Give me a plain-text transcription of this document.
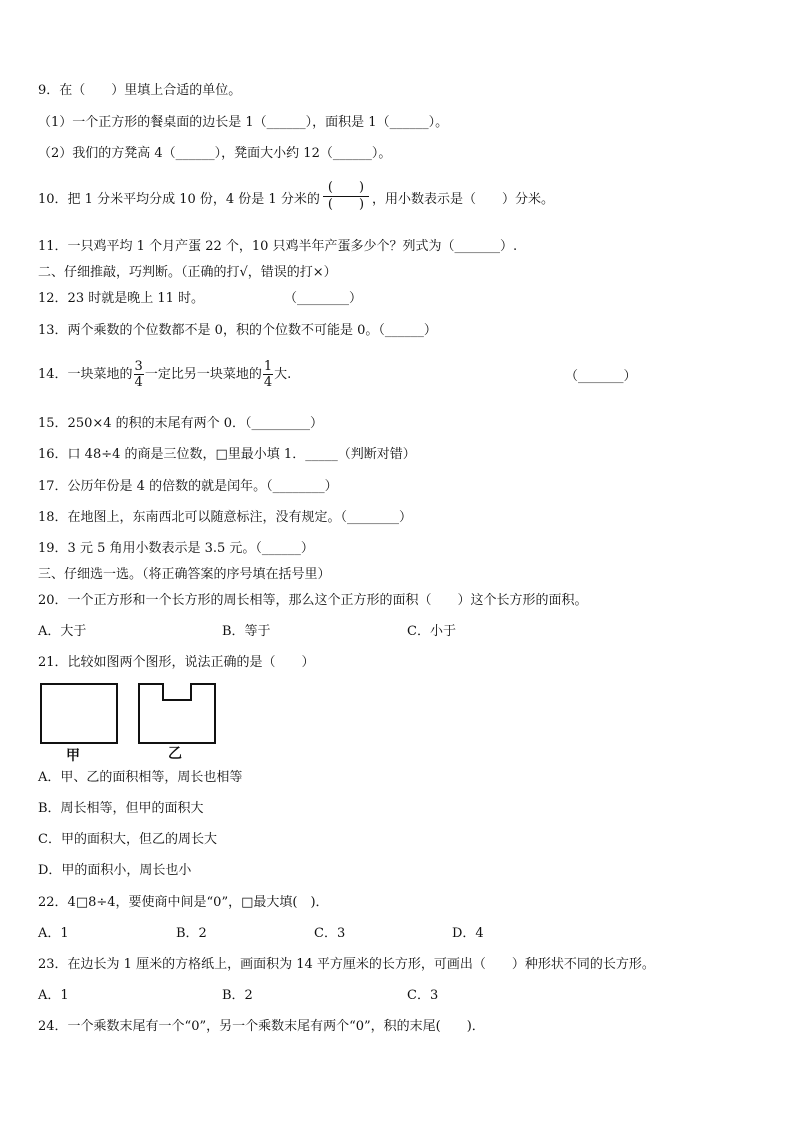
9．在（　　）里填上合适的单位。
（1）一个正方形的餐桌面的边长是 1（______），面积是 1（______）。
（2）我们的方凳高 4（______），凳面大小约 12（______）。
10．把 1 分米平均分成 10 份，4 份是 1 分米的
(　　)
(　　) ，用小数表示是（　　）分米。
11．一只鸡平均 1 个月产蛋 22 个，10 只鸡半年产蛋多少个？列式为（_______）.
二、仔细推敲，巧判断。（正确的打√，错误的打×）
12．23 时就是晚上 11 时。	（________）
13．两个乘数的个位数都不是 0，积的个位数不可能是 0。（______）
14．一块菜地的 $\frac{3}{4}$ 一定比另一块菜地的 $\frac{1}{4}$ 大.	（_______）
15．250×4 的积的末尾有两个 0．（_________）
16．口 48÷4 的商是三位数，□里最小填 1．_____（判断对错）
17．公历年份是 4 的倍数的就是闰年。（________）
18．在地图上，东南西北可以随意标注，没有规定。（________）
19．3 元 5 角用小数表示是 3.5 元。（______）
三、仔细选一选。（将正确答案的序号填在括号里）
20．一个正方形和一个长方形的周长相等，那么这个正方形的面积（　　）这个长方形的面积。
A．大于	B．等于	C．小于
21．比较如图两个图形，说法正确的是（　　）
甲	乙
A．甲、乙的面积相等，周长也相等
B．周长相等，但甲的面积大
C．甲的面积大，但乙的周长大
D．甲的面积小，周长也小
22．4□8÷4，要使商中间是“0”，□最大填(　)．
A．1	B．2	C．3	D．4
23．在边长为 1 厘米的方格纸上，画面积为 14 平方厘米的长方形，可画出（　　）种形状不同的长方形。
A．1	B．2	C．3
24．一个乘数末尾有一个“0”，另一个乘数末尾有两个“0”，积的末尾(　　)．
